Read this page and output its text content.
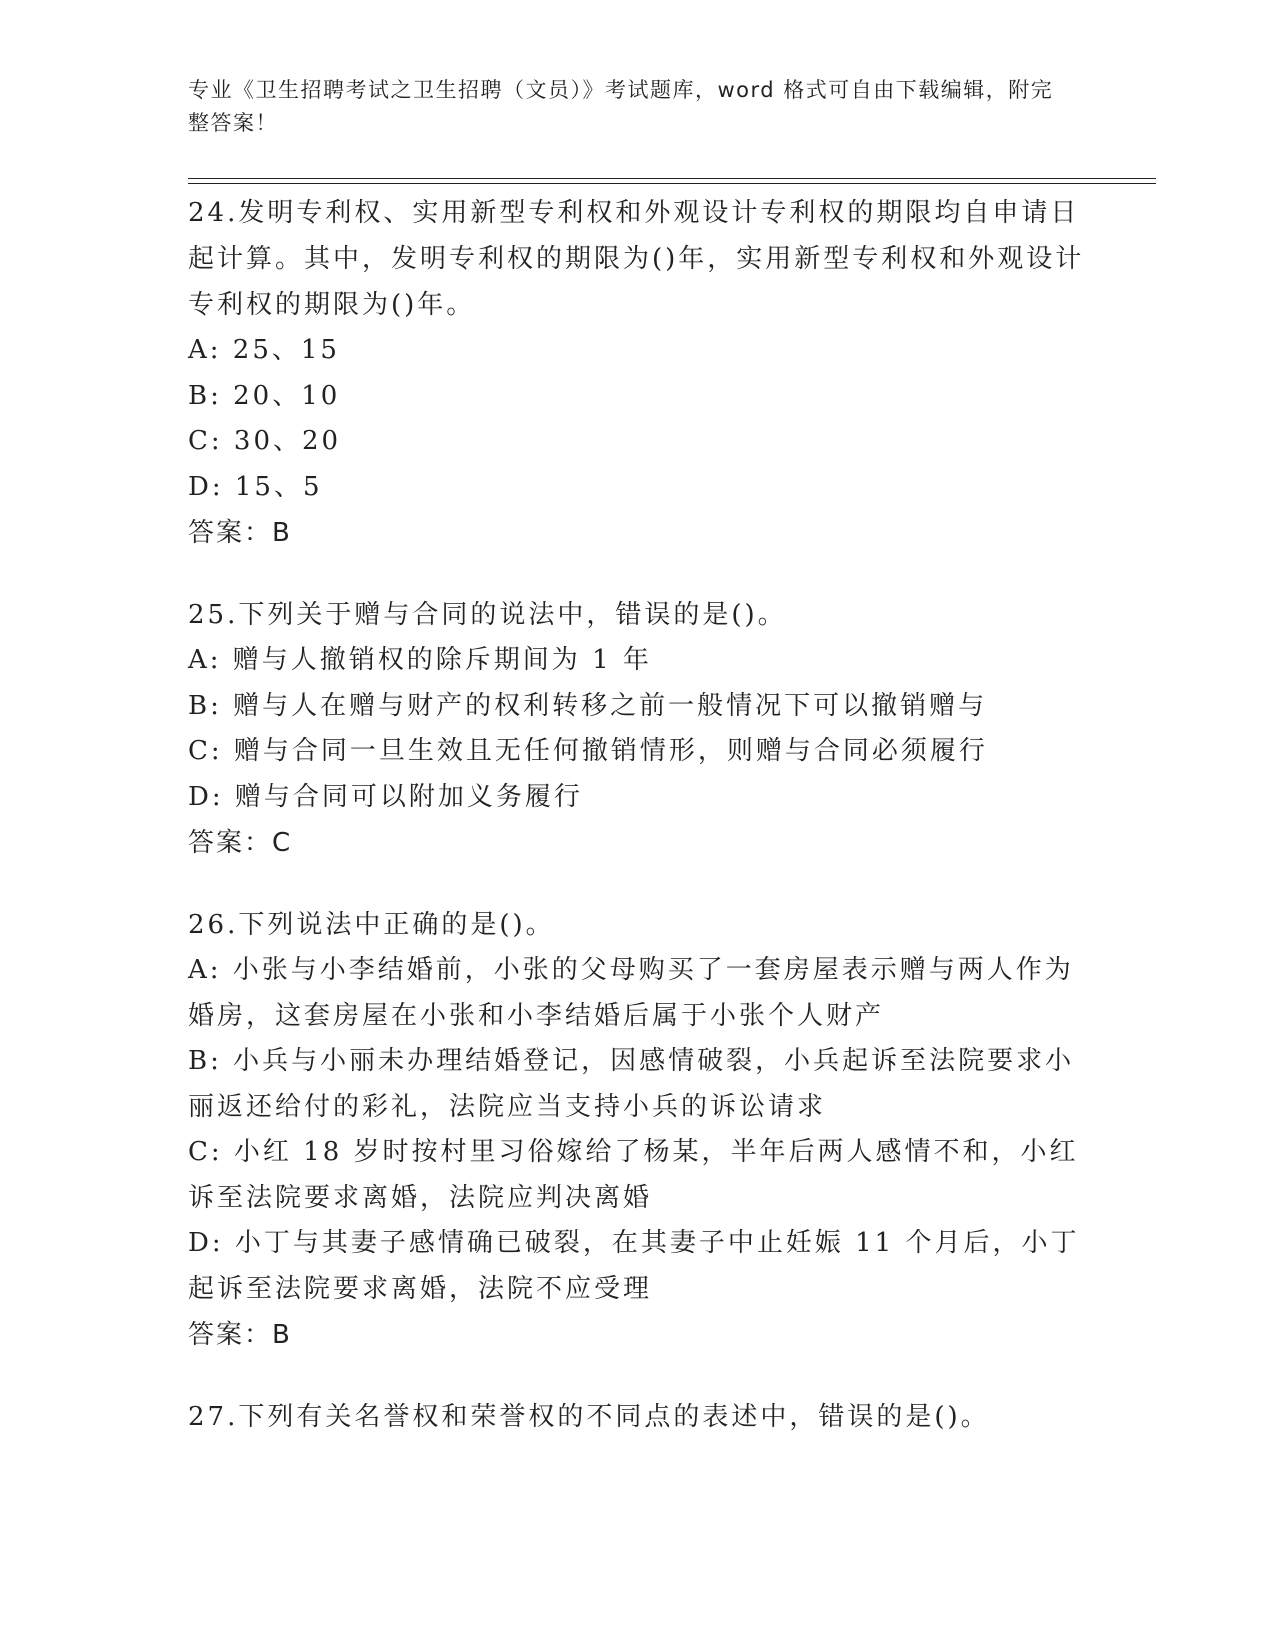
专业《卫生招聘考试之卫生招聘（文员）》考试题库，word 格式可自由下载编辑，附完整答案！

24.发明专利权、实用新型专利权和外观设计专利权的期限均自申请日起计算。其中，发明专利权的期限为()年，实用新型专利权和外观设计专利权的期限为()年。

A: 25、15

B: 20、10

C: 30、20

D: 15、5

答案：B

25.下列关于赠与合同的说法中，错误的是()。

A: 赠与人撤销权的除斥期间为 1 年

B: 赠与人在赠与财产的权利转移之前一般情况下可以撤销赠与

C: 赠与合同一旦生效且无任何撤销情形，则赠与合同必须履行

D: 赠与合同可以附加义务履行

答案：C

26.下列说法中正确的是()。

A: 小张与小李结婚前，小张的父母购买了一套房屋表示赠与两人作为婚房，这套房屋在小张和小李结婚后属于小张个人财产

B: 小兵与小丽未办理结婚登记，因感情破裂，小兵起诉至法院要求小丽返还给付的彩礼，法院应当支持小兵的诉讼请求

C: 小红 18 岁时按村里习俗嫁给了杨某，半年后两人感情不和，小红诉至法院要求离婚，法院应判决离婚

D: 小丁与其妻子感情确已破裂，在其妻子中止妊娠 11 个月后，小丁起诉至法院要求离婚，法院不应受理

答案：B

27.下列有关名誉权和荣誉权的不同点的表述中，错误的是()。
